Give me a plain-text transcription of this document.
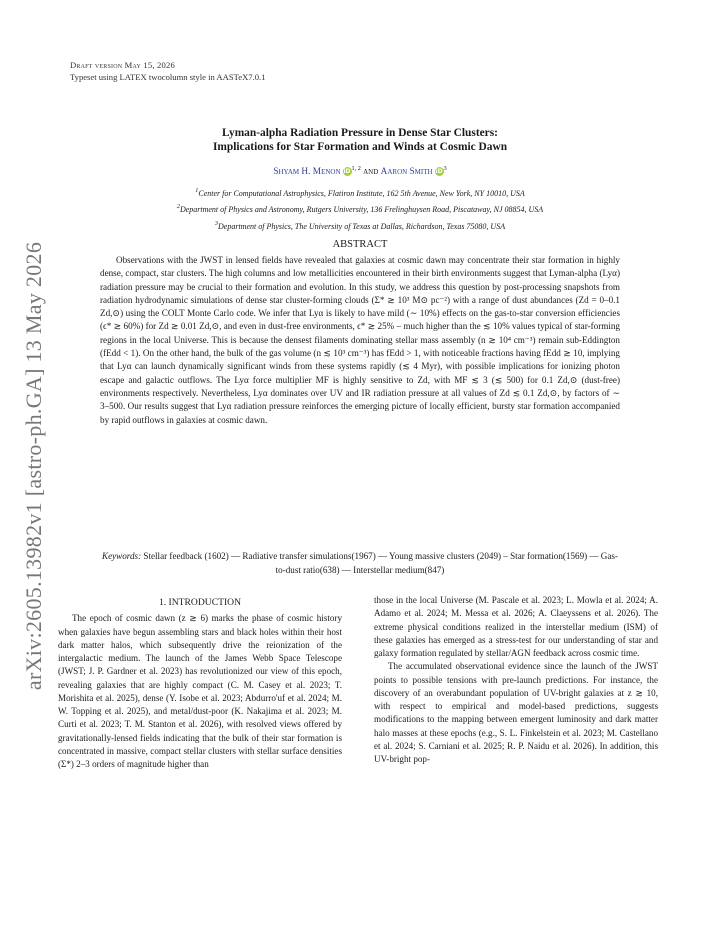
Draft version May 15, 2026
Typeset using LATEX twocolumn style in AASTeX7.0.1
arXiv:2605.13982v1 [astro-ph.GA] 13 May 2026
Lyman-alpha Radiation Pressure in Dense Star Clusters:
Implications for Star Formation and Winds at Cosmic Dawn
Shyam H. Menon iD$^{1, 2}$ and Aaron Smith $iD^3$
$^1$Center for Computational Astrophysics, Flatiron Institute, 162 5th Avenue, New York, NY 10010, USA
$^2$Department of Physics and Astronomy, Rutgers University, 136 Frelinghuysen Road, Piscataway, NJ 08854, USA
$^3$Department of Physics, The University of Texas at Dallas, Richardson, Texas 75080, USA
ABSTRACT

Observations with the JWST in lensed fields have revealed that galaxies at cosmic dawn may concentrate their star formation in highly dense, compact, star clusters. The high columns and low metallicities encountered in their birth environments suggest that Lyman-alpha (Lyα) radiation pressure may be crucial to their formation and evolution. In this study, we address this question by post-processing snapshots from radiation hydrodynamic simulations of dense star cluster-forming clouds (Σ* ≳ 10³ M⊙ pc⁻²) with a range of dust abundances (Zd = 0–0.1 Zd,⊙) using the COLT Monte Carlo code. We infer that Lyα is likely to have mild (∼ 10%) effects on the gas-to-star conversion efficiencies (ϵ* ≳ 60%) for Zd ≳ 0.01 Zd,⊙, and even in dust-free environments, ϵ* ≳ 25% – much higher than the ≲ 10% values typical of star-forming regions in the local Universe. This is because the densest filaments dominating stellar mass assembly (n ≳ 10⁴ cm⁻³) remain sub-Eddington (fEdd < 1). On the other hand, the bulk of the gas volume (n ≲ 10³ cm⁻³) has fEdd > 1, with noticeable fractions having fEdd ≳ 10, implying that Lyα can launch dynamically significant winds from these systems rapidly (≲ 4 Myr), with possible implications for ionizing photon escape and galactic outflows. The Lyα force multiplier MF is highly sensitive to Zd, with MF ≲ 3 (≲ 500) for 0.1 Zd,⊙ (dust-free) environments respectively. Nevertheless, Lyα dominates over UV and IR radiation pressure at all values of Zd ≲ 0.1 Zd,⊙, by factors of ∼ 3–500. Our results suggest that Lyα radiation pressure reinforces the emerging picture of locally efficient, bursty star formation accompanied by rapid outflows in galaxies at cosmic dawn.

Keywords: Stellar feedback (1602) — Radiative transfer simulations(1967) — Young massive clusters (2049) – Star formation(1569) — Gas-to-dust ratio(638) — Interstellar medium(847)
1. INTRODUCTION

The epoch of cosmic dawn (z ≳ 6) marks the phase of cosmic history when galaxies have begun assembling stars and black holes within their host dark matter halos, which subsequently drive the reionization of the intergalactic medium. The launch of the James Webb Space Telescope (JWST; J. P. Gardner et al. 2023) has revolutionized our view of this epoch, revealing galaxies that are highly compact (C. M. Casey et al. 2023; T. Morishita et al. 2025), dense (Y. Isobe et al. 2023; Abdurro'uf et al. 2024; M. W. Topping et al. 2025), and metal/dust-poor (K. Nakajima et al. 2023; M. Curti et al. 2023; T. M. Stanton et al. 2026), with resolved views offered by gravitationally-lensed fields indicating that the bulk of their star formation is concentrated in massive, compact stellar clusters with stellar surface densities (Σ*) 2–3 orders of magnitude higher than

those in the local Universe (M. Pascale et al. 2023; L. Mowla et al. 2024; A. Adamo et al. 2024; M. Messa et al. 2026; A. Claeyssens et al. 2026). The extreme physical conditions realized in the interstellar medium (ISM) of these galaxies has emerged as a stress-test for our understanding of star and galaxy formation regulated by stellar/AGN feedback across cosmic time.

The accumulated observational evidence since the launch of the JWST points to possible tensions with pre-launch predictions. For instance, the discovery of an overabundant population of UV-bright galaxies at z ≳ 10, with respect to empirical and model-based predictions, suggests modifications to the mapping between emergent luminosity and dark matter halo masses at these epochs (e.g., S. L. Finkelstein et al. 2023; M. Castellano et al. 2024; S. Carniani et al. 2025; R. P. Naidu et al. 2026). In addition, this UV-bright pop-
